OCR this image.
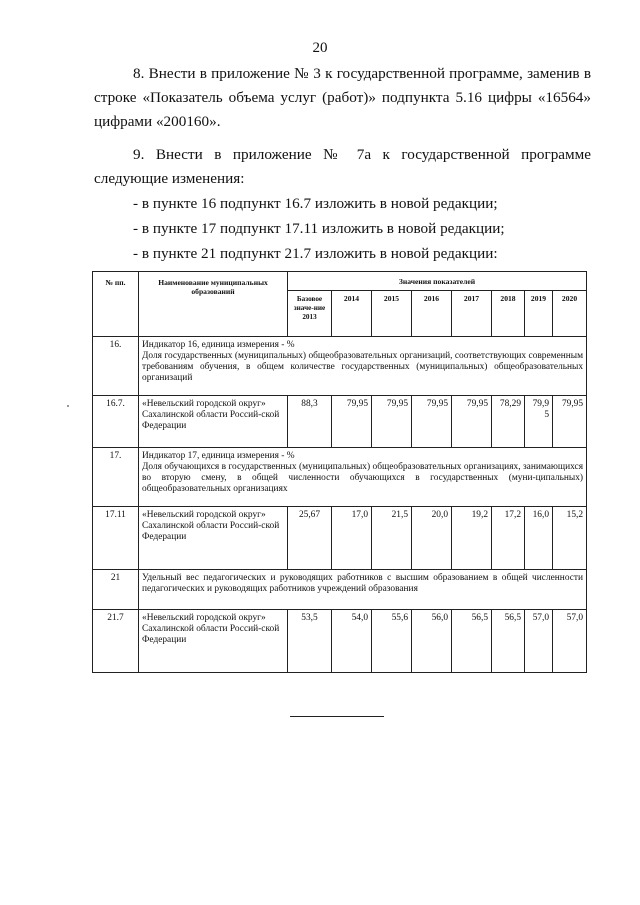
20
8. Внести в приложение № 3 к государственной программе, заменив в строке «Показатель объема услуг (работ)» подпункта 5.16 цифры «16564» цифрами «200160».
9. Внести в приложение № 7а к государственной программе следующие изменения:
- в пункте 16 подпункт 16.7 изложить в новой редакции;
- в пункте 17 подпункт 17.11 изложить в новой редакции;
- в пункте 21 подпункт 21.7 изложить в новой редакции:
№ пп.	Наименование муниципальных образований	Значения показателей							
		Базовое значе-ние 2013	2014	2015	2016	2017	2018	2019	2020
16.	Индикатор 16, единица измерения - %
Доля государственных (муниципальных) общеобразовательных организаций, соответствующих современным требованиям обучения, в общем количестве государственных (муниципальных) общеобразовательных организаций								

16.7.	«Невельский городской округ» Сахалинской области Россий-ской Федерации	88,3	79,95	79,95	79,95	79,95	78,29	79,9 5	79,95
17.	Индикатор 17, единица измерения - %
Доля обучающихся в государственных (муниципальных) общеобразовательных организациях, занимающихся во вторую смену, в общей численности обучающихся в государственных (муни-ципальных) общеобразовательных организациях								

17.11	«Невельский городской округ» Сахалинской области Россий-ской Федерации	25,67	17,0	21,5	20,0	19,2	17,2	16,0	15,2
21	Удельный вес педагогических и руководящих работников с высшим образованием в общей численности педагогических и руководящих работников учреждений образования								

21.7	«Невельский городской округ» Сахалинской области Россий-ской Федерации	53,5	54,0	55,6	56,0	56,5	56,5	57,0	57,0
